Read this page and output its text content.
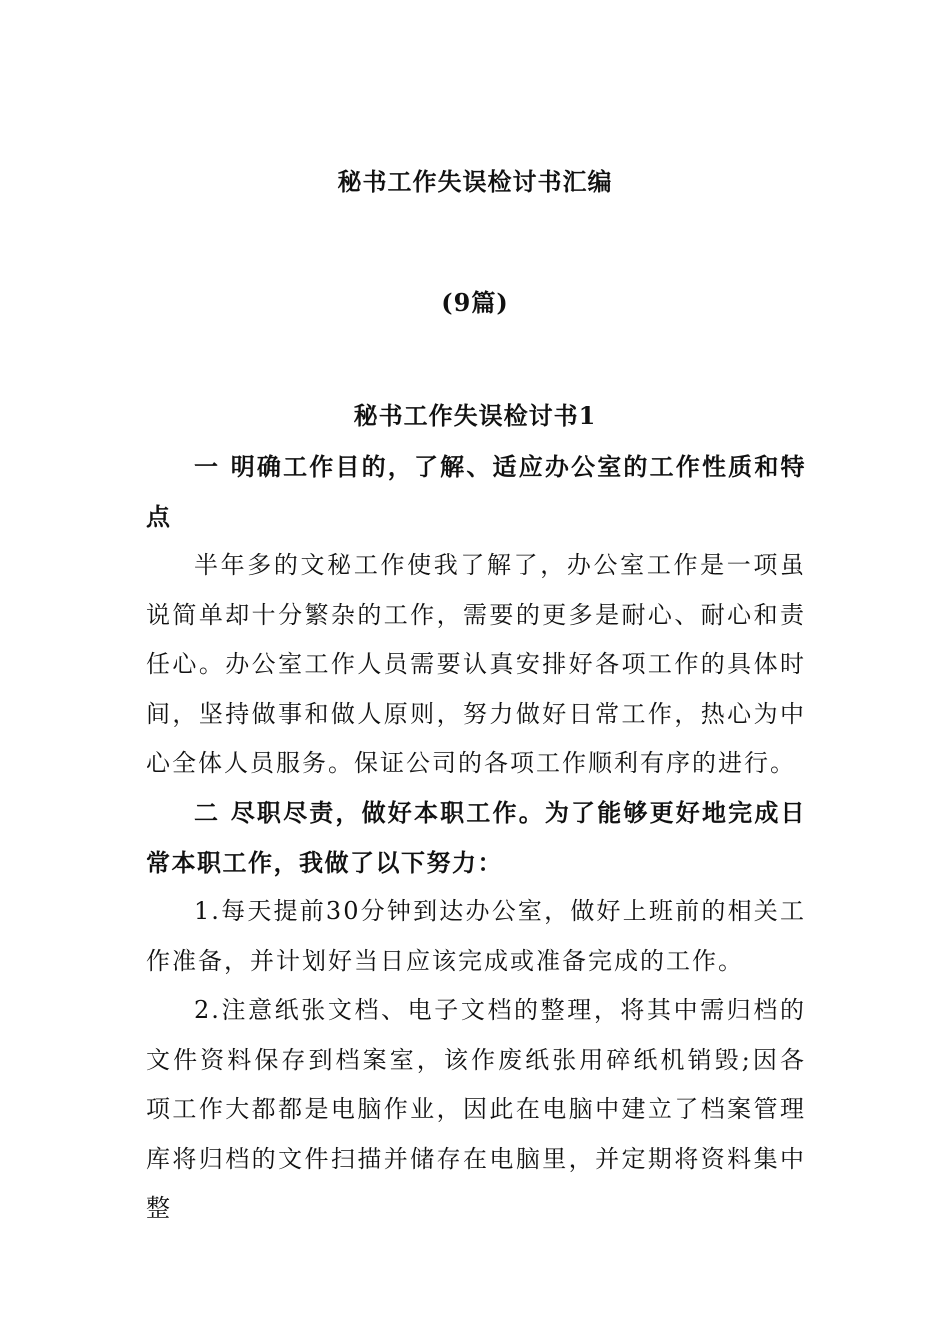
秘书工作失误检讨书汇编
(9篇)
秘书工作失误检讨书1

一 明确工作目的，了解、适应办公室的工作性质和特点

半年多的文秘工作使我了解了，办公室工作是一项虽说简单却十分繁杂的工作，需要的更多是耐心、耐心和责任心。办公室工作人员需要认真安排好各项工作的具体时间，坚持做事和做人原则，努力做好日常工作，热心为中心全体人员服务。保证公司的各项工作顺利有序的进行。

二 尽职尽责，做好本职工作。为了能够更好地完成日常本职工作，我做了以下努力：

1.每天提前30分钟到达办公室，做好上班前的相关工作准备，并计划好当日应该完成或准备完成的工作。

2.注意纸张文档、电子文档的整理，将其中需归档的文件资料保存到档案室，该作废纸张用碎纸机销毁;因各项工作大都都是电脑作业，因此在电脑中建立了档案管理库将归档的文件扫描并储存在电脑里，并定期将资料集中整
